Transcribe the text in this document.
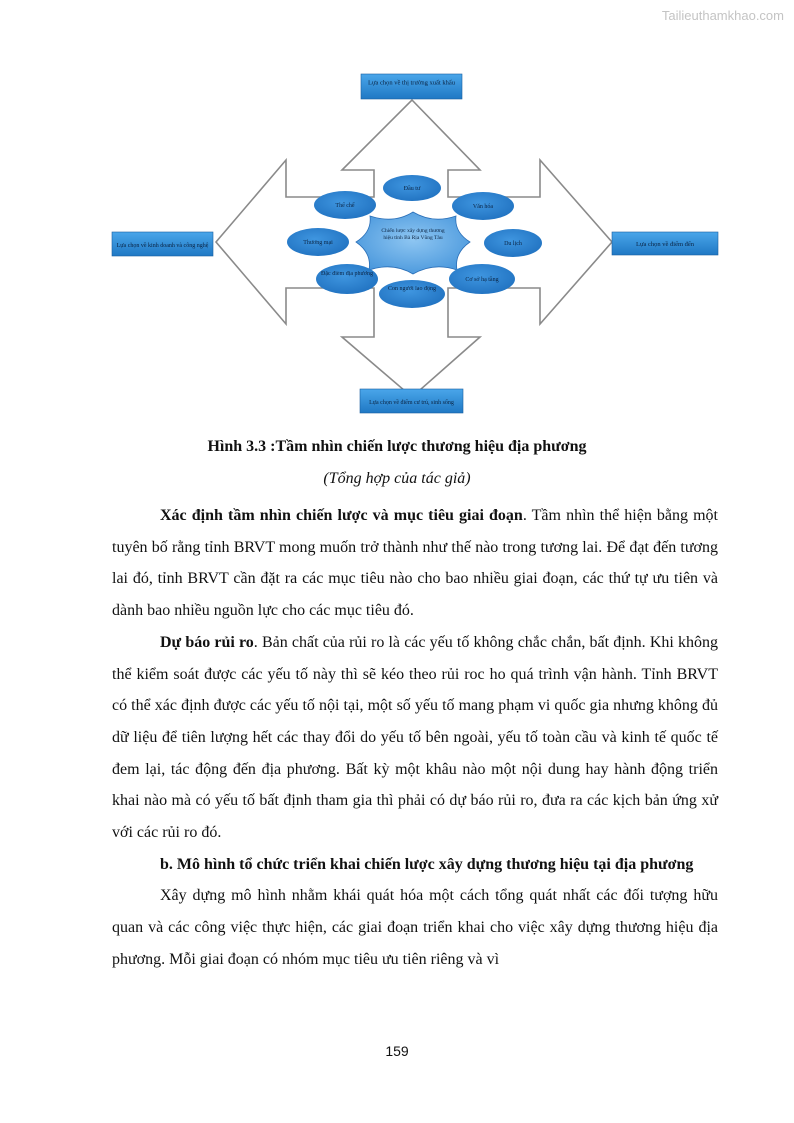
Tailieuthamkhao.com
Lựa chọn về thị trường xuất khẩu
Lựa chọn về kinh doanh và công nghệ	Lựa chọn về điểm đến
Lựa chọn về điểm cư trú, sinh sống
Chiến lược xây dựng thương hiệu tỉnh Bà Rịa Vũng Tàu
Đầu tư
Thể chế	Văn hóa
Thương mại	Du lịch
Đặc điểm địa phương
Cơ sở hạ tầng
Con người lao động
Hình 3.3 :Tầm nhìn chiến lược thương hiệu địa phương
(Tổng hợp của tác giả)

Xác định tầm nhìn chiến lược và mục tiêu giai đoạn. Tầm nhìn thể hiện bằng một tuyên bố rằng tỉnh BRVT mong muốn trở thành như thế nào trong tương lai. Để đạt đến tương lai đó, tỉnh BRVT cần đặt ra các mục tiêu nào cho bao nhiều giai đoạn, các thứ tự ưu tiên và dành bao nhiều nguồn lực cho các mục tiêu đó.

Dự báo rủi ro. Bản chất của rủi ro là các yếu tố không chắc chắn, bất định. Khi không thể kiểm soát được các yếu tố này thì sẽ kéo theo rủi roc ho quá trình vận hành. Tỉnh BRVT có thể xác định được các yếu tố nội tại, một số yếu tố mang phạm vi quốc gia nhưng không đủ dữ liệu để tiên lượng hết các thay đổi do yếu tố bên ngoài, yếu tố toàn cầu và kinh tế quốc tế đem lại, tác động đến địa phương. Bất kỳ một khâu nào một nội dung hay hành động triển khai nào mà có yếu tố bất định tham gia thì phải có dự báo rủi ro, đưa ra các kịch bản ứng xử với các rủi ro đó.

b. Mô hình tổ chức triển khai chiến lược xây dựng thương hiệu tại địa phương

Xây dựng mô hình nhằm khái quát hóa một cách tổng quát nhất các đối tượng hữu quan và các công việc thực hiện, các giai đoạn triển khai cho việc xây dựng thương hiệu địa phương. Mỗi giai đoạn có nhóm mục tiêu ưu tiên riêng và vì

159
